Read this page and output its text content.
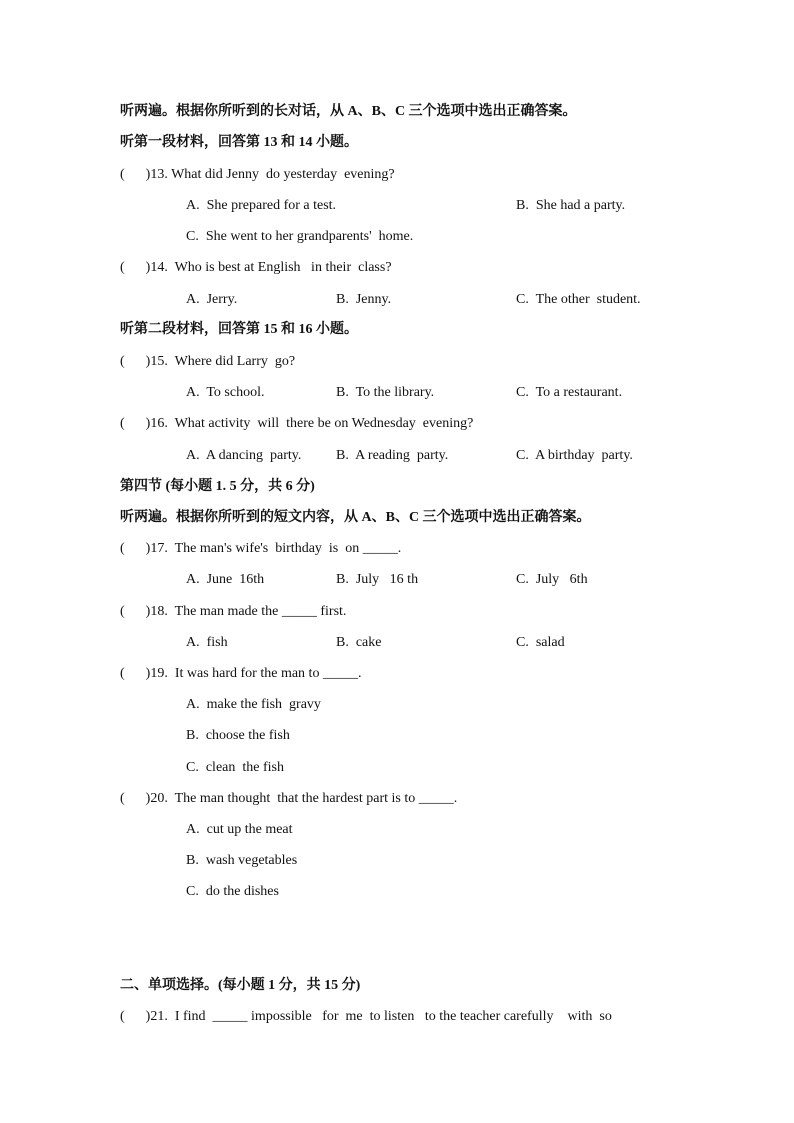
听两遍。根据你所听到的长对话，从 A、B、C 三个选项中选出正确答案。
听第一段材料，回答第 13 和 14 小题。
(      )13. What did Jenny  do yesterday  evening?
A.  She prepared for a test.	B.  She had a party.
C.  She went to her grandparents'  home.
(      )14.  Who is best at English   in their  class?
A.  Jerry.	B.  Jenny.	C.  The other  student.
听第二段材料，回答第 15 和 16 小题。
(      )15.  Where did Larry  go?
A.  To school.	B.  To the library.	C.  To a restaurant.
(      )16.  What activity  will  there be on Wednesday  evening?
A.  A dancing  party. B.  A reading  party.	C.  A birthday  party.
第四节 (每小题 1. 5 分，共 6 分)
听两遍。根据你所听到的短文内容，从 A、B、C 三个选项中选出正确答案。
(      )17.  The man's wife's  birthday  is  on _____.
A.  June  16th	B.  July   16 th	C.  July   6th
(      )18.  The man made the _____ first.
A.  fish	B.  cake	C.  salad
(      )19.  It was hard for the man to _____.
A.  make the fish  gravy
B.  choose the fish
C.  clean  the fish
(      )20.  The man thought  that the hardest part is to _____.
A.  cut up the meat
B.  wash vegetables
C.  do the dishes
二、单项选择。(每小题 1 分，共 15 分)
(      )21.  I find  _____ impossible   for  me  to listen   to the teacher carefully    with  so
